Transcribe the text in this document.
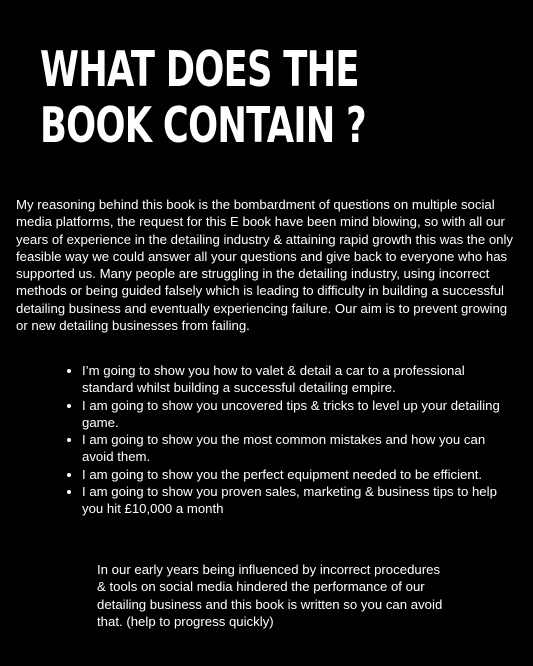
WHAT DOES THE
BOOK CONTAIN ?

My reasoning behind this book is the bombardment of questions on multiple social media platforms, the request for this E book have been mind blowing, so with all our years of experience in the detailing industry & attaining rapid growth this was the only feasible way we could answer all your questions and give back to everyone who has supported us. Many people are struggling in the detailing industry, using incorrect methods or being guided falsely which is leading to difficulty in building a successful detailing business and eventually experiencing failure. Our aim is to prevent growing or new detailing businesses from failing.

• I’m going to show you how to valet & detail a car to a professional standard whilst building a successful detailing empire.
• I am going to show you uncovered tips & tricks to level up your detailing game.
• I am going to show you the most common mistakes and how you can avoid them.
• I am going to show you the perfect equipment needed to be efficient.
• I am going to show you proven sales, marketing & business tips to help you hit £10,000 a month

In our early years being influenced by incorrect procedures & tools on social media hindered the performance of our detailing business and this book is written so you can avoid that. (help to progress quickly)
